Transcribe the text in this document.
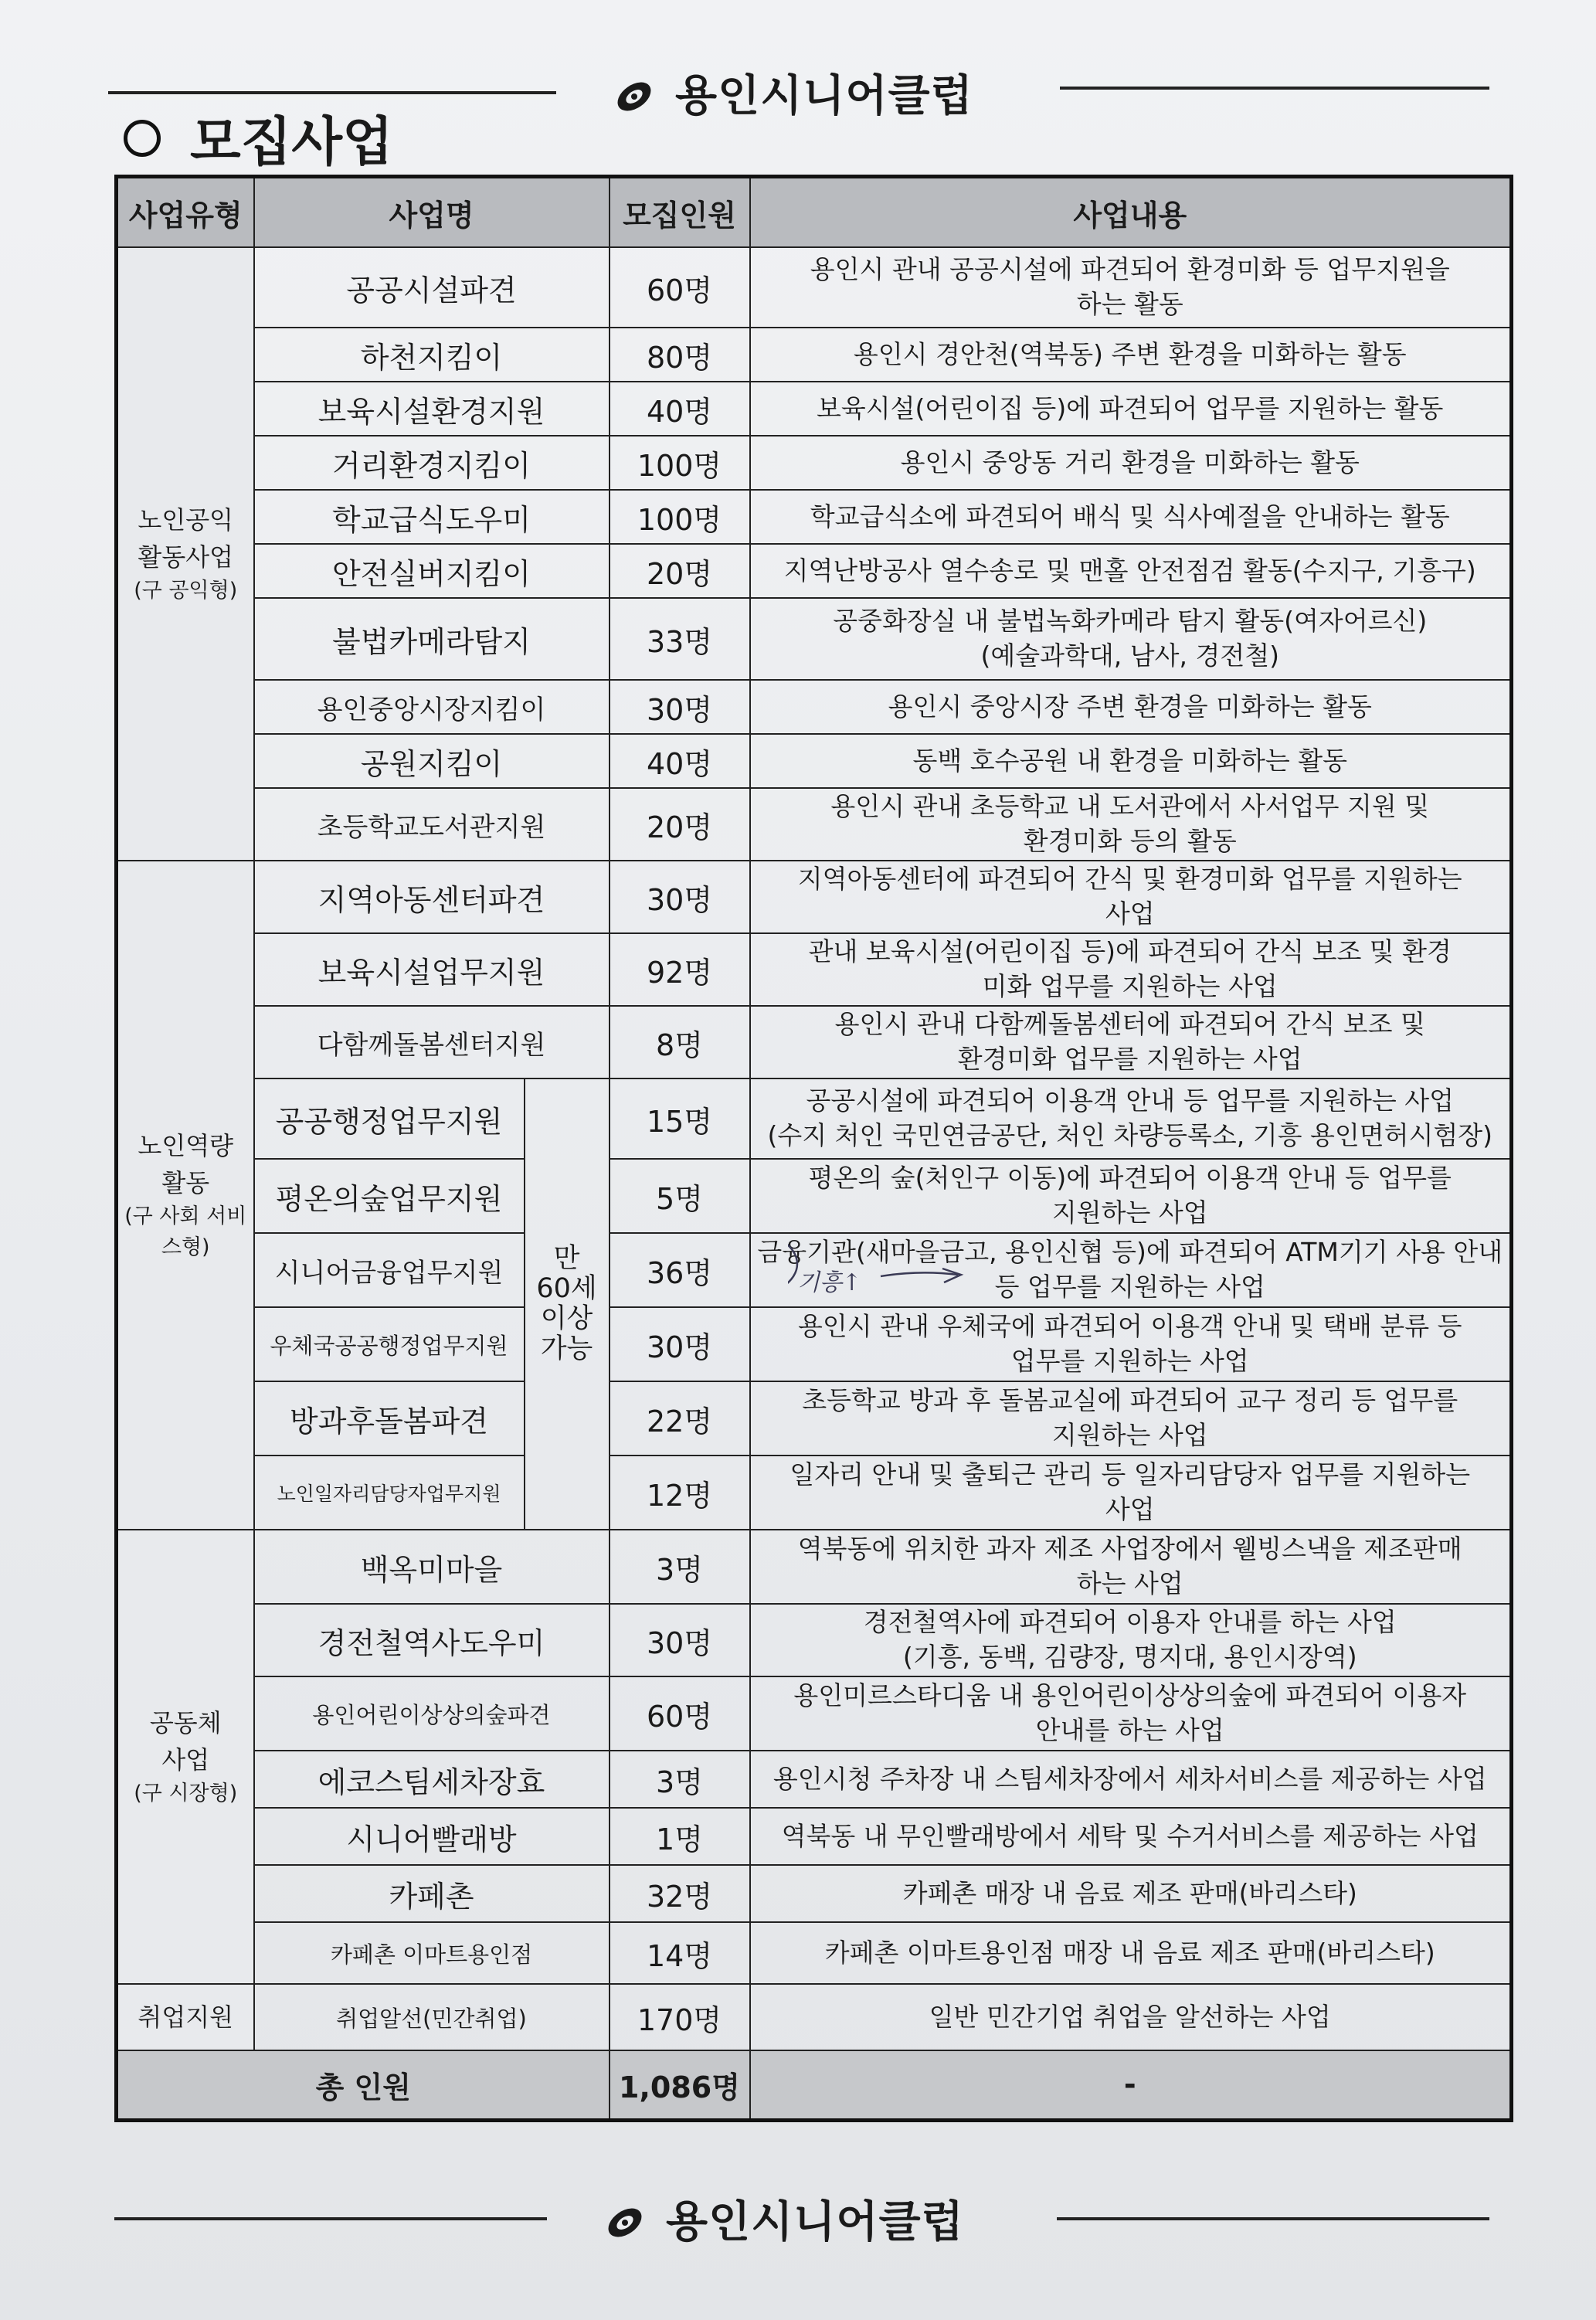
용인시니어클럽
모집사업
사업유형	사업명		모집인원	사업내용

노인공익
활동사업
(구 공익형)	공공시설파견		60명	용인시 관내 공공시설에 파견되어 환경미화 등 업무지원을
하는 활동

	하천지킴이		80명	용인시 경안천(역북동) 주변 환경을 미화하는 활동

	보육시설환경지원		40명	보육시설(어린이집 등)에 파견되어 업무를 지원하는 활동

	거리환경지킴이		100명	용인시 중앙동 거리 환경을 미화하는 활동

	학교급식도우미		100명	학교급식소에 파견되어 배식 및 식사예절을 안내하는 활동

	안전실버지킴이		20명	지역난방공사 열수송로 및 맨홀 안전점검 활동(수지구, 기흥구)

	불법카메라탐지		33명	공중화장실 내 불법녹화카메라 탐지 활동(여자어르신)
(예술과학대, 남사, 경전철)

	용인중앙시장지킴이		30명	용인시 중앙시장 주변 환경을 미화하는 활동

	공원지킴이		40명	동백 호수공원 내 환경을 미화하는 활동

	초등학교도서관지원		20명	용인시 관내 초등학교 내 도서관에서 사서업무 지원 및
환경미화 등의 활동

노인역량
활동
(구 사회 서비스형)	지역아동센터파견		30명	지역아동센터에 파견되어 간식 및 환경미화 업무를 지원하는
사업

	보육시설업무지원		92명	관내 보육시설(어린이집 등)에 파견되어 간식 보조 및 환경
미화 업무를 지원하는 사업

	다함께돌봄센터지원		8명	용인시 관내 다함께돌봄센터에 파견되어 간식 보조 및
환경미화 업무를 지원하는 사업

	공공행정업무지원	만
60세
이상
가능	15명	공공시설에 파견되어 이용객 안내 등 업무를 지원하는 사업
(수지 처인 국민연금공단, 처인 차량등록소, 기흥 용인면허시험장)

	평온의숲업무지원		5명	평온의 숲(처인구 이동)에 파견되어 이용객 안내 등 업무를
지원하는 사업

	시니어금융업무지원		36명	금융기관(새마을금고, 용인신협 등)에 파견되어 ATM기기 사용 안내
등 업무를 지원하는 사업

	우체국공공행정업무지원		30명	용인시 관내 우체국에 파견되어 이용객 안내 및 택배 분류 등
업무를 지원하는 사업

	방과후돌봄파견		22명	초등학교 방과 후 돌봄교실에 파견되어 교구 정리 등 업무를
지원하는 사업

	노인일자리담당자업무지원		12명	일자리 안내 및 출퇴근 관리 등 일자리담당자 업무를 지원하는
사업

공동체
사업
(구 시장형)	백옥미마을		3명	역북동에 위치한 과자 제조 사업장에서 웰빙스낵을 제조판매
하는 사업

	경전철역사도우미		30명	경전철역사에 파견되어 이용자 안내를 하는 사업
(기흥, 동백, 김량장, 명지대, 용인시장역)

	용인어린이상상의숲파견		60명	용인미르스타디움 내 용인어린이상상의숲에 파견되어 이용자
안내를 하는 사업

	에코스팀세차장효		3명	용인시청 주차장 내 스팀세차장에서 세차서비스를 제공하는 사업

	시니어빨래방		1명	역북동 내 무인빨래방에서 세탁 및 수거서비스를 제공하는 사업

	카페촌		32명	카페촌 매장 내 음료 제조 판매(바리스타)

	카페촌 이마트용인점		14명	카페촌 이마트용인점 매장 내 음료 제조 판매(바리스타)

취업지원	취업알선(민간취업)		170명	일반 민간기업 취업을 알선하는 사업

총 인원			1,086명	-
기흥↑
용인시니어클럽
